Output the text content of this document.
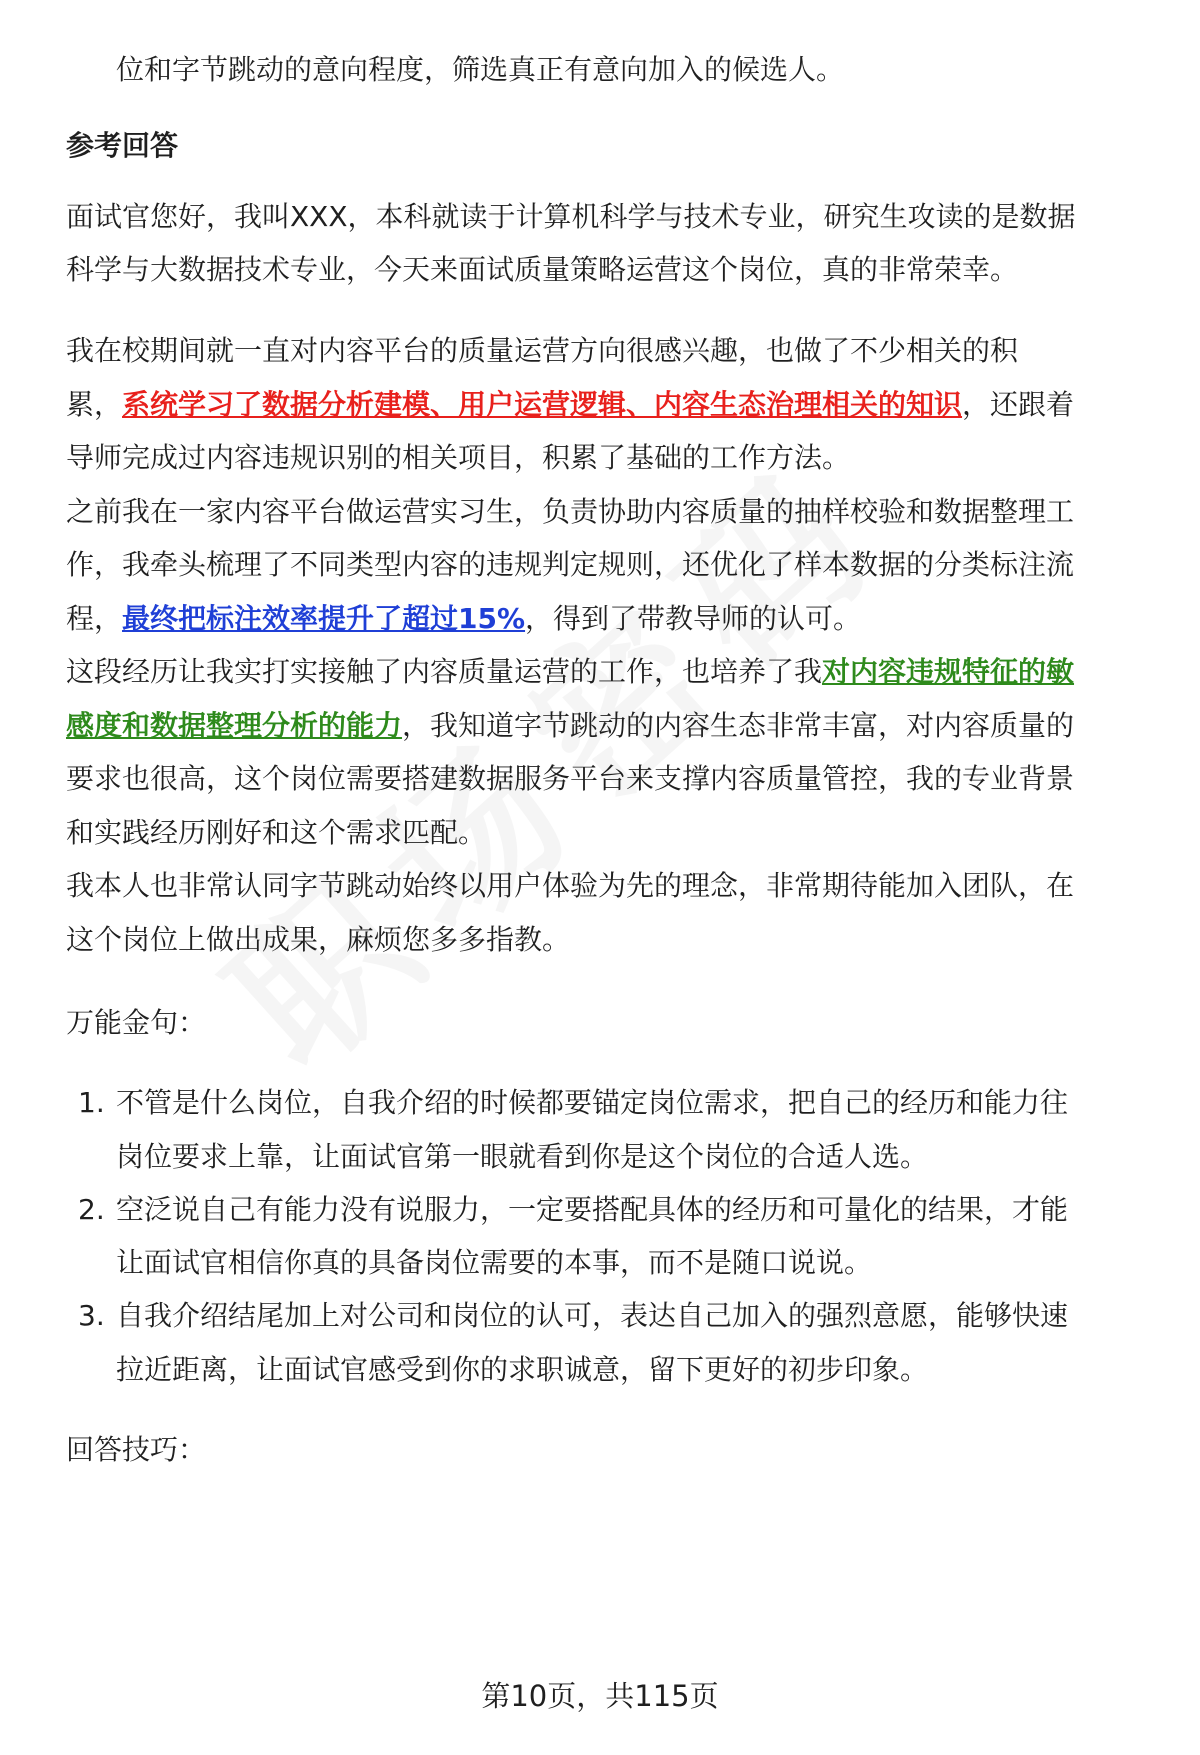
位和字节跳动的意向程度，筛选真正有意向加入的候选人。
参考回答
面试官您好，我叫XXX，本科就读于计算机科学与技术专业，研究生攻读的是数据
科学与大数据技术专业，今天来面试质量策略运营这个岗位，真的非常荣幸。
我在校期间就一直对内容平台的质量运营方向很感兴趣，也做了不少相关的积
累，系统学习了数据分析建模、用户运营逻辑、内容生态治理相关的知识，还跟着
导师完成过内容违规识别的相关项目，积累了基础的工作方法。
之前我在一家内容平台做运营实习生，负责协助内容质量的抽样校验和数据整理工
作，我牵头梳理了不同类型内容的违规判定规则，还优化了样本数据的分类标注流
程，最终把标注效率提升了超过15%，得到了带教导师的认可。
这段经历让我实打实接触了内容质量运营的工作，也培养了我对内容违规特征的敏
感度和数据整理分析的能力，我知道字节跳动的内容生态非常丰富，对内容质量的
要求也很高，这个岗位需要搭建数据服务平台来支撑内容质量管控，我的专业背景
和实践经历刚好和这个需求匹配。
我本人也非常认同字节跳动始终以用户体验为先的理念，非常期待能加入团队，在
这个岗位上做出成果，麻烦您多多指教。
万能金句：
1. 不管是什么岗位，自我介绍的时候都要锚定岗位需求，把自己的经历和能力往
岗位要求上靠，让面试官第一眼就看到你是这个岗位的合适人选。
2. 空泛说自己有能力没有说服力，一定要搭配具体的经历和可量化的结果，才能
让面试官相信你真的具备岗位需要的本事，而不是随口说说。
3. 自我介绍结尾加上对公司和岗位的认可，表达自己加入的强烈意愿，能够快速
拉近距离，让面试官感受到你的求职诚意，留下更好的初步印象。
回答技巧：
第10页，共115页
